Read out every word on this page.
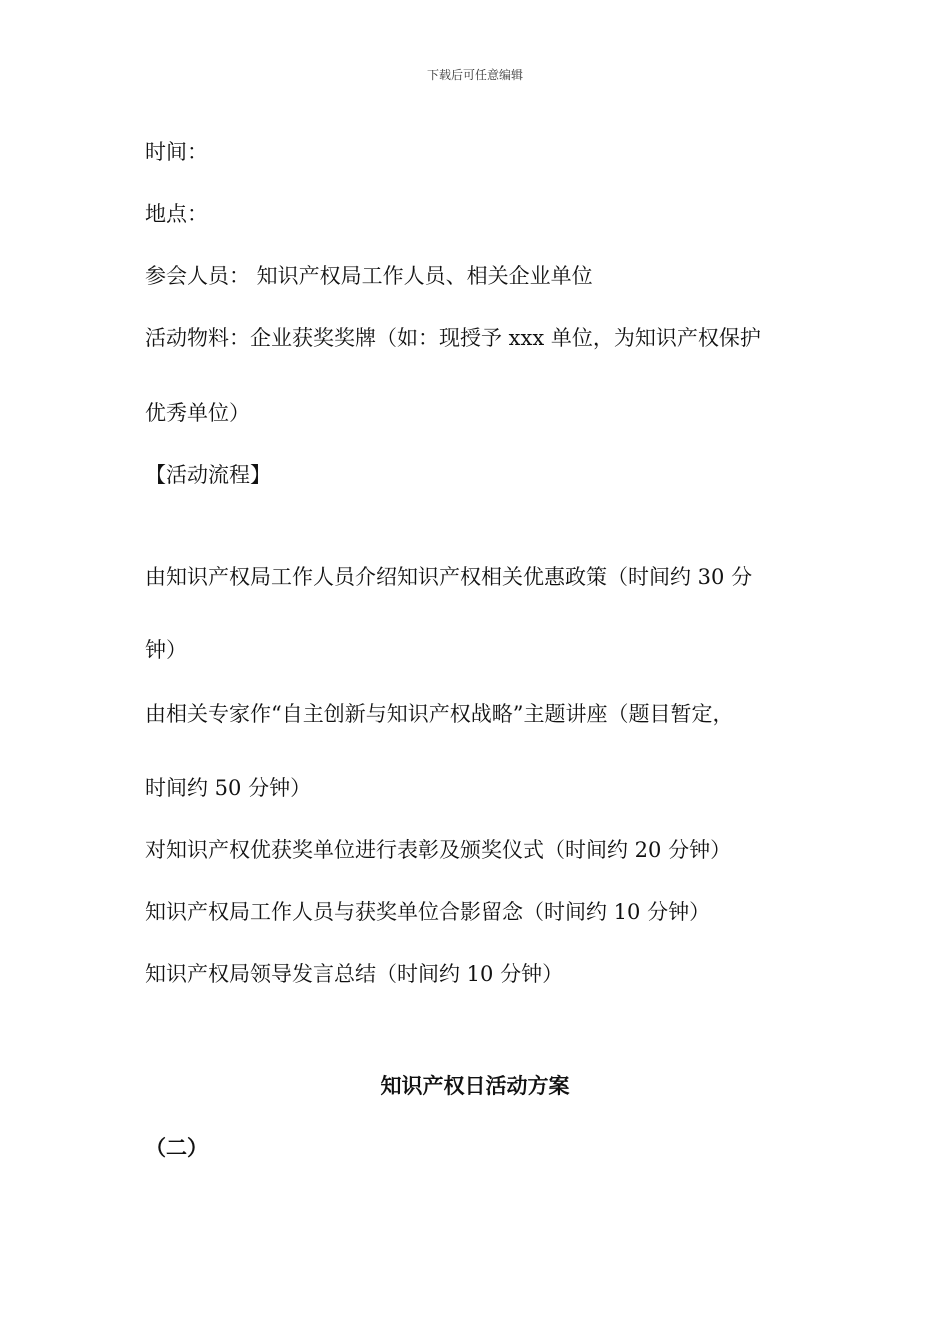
下载后可任意编辑
时间：
地点：
参会人员： 知识产权局工作人员、相关企业单位
活动物料：企业获奖奖牌（如：现授予 xxx 单位，为知识产权保护
优秀单位）
【活动流程】
由知识产权局工作人员介绍知识产权相关优惠政策（时间约 30 分
钟）
由相关专家作“自主创新与知识产权战略”主题讲座（题目暂定，
时间约 50 分钟）
对知识产权优获奖单位进行表彰及颁奖仪式（时间约 20 分钟）
知识产权局工作人员与获奖单位合影留念（时间约 10 分钟）
知识产权局领导发言总结（时间约 10 分钟）
知识产权日活动方案
（二）
